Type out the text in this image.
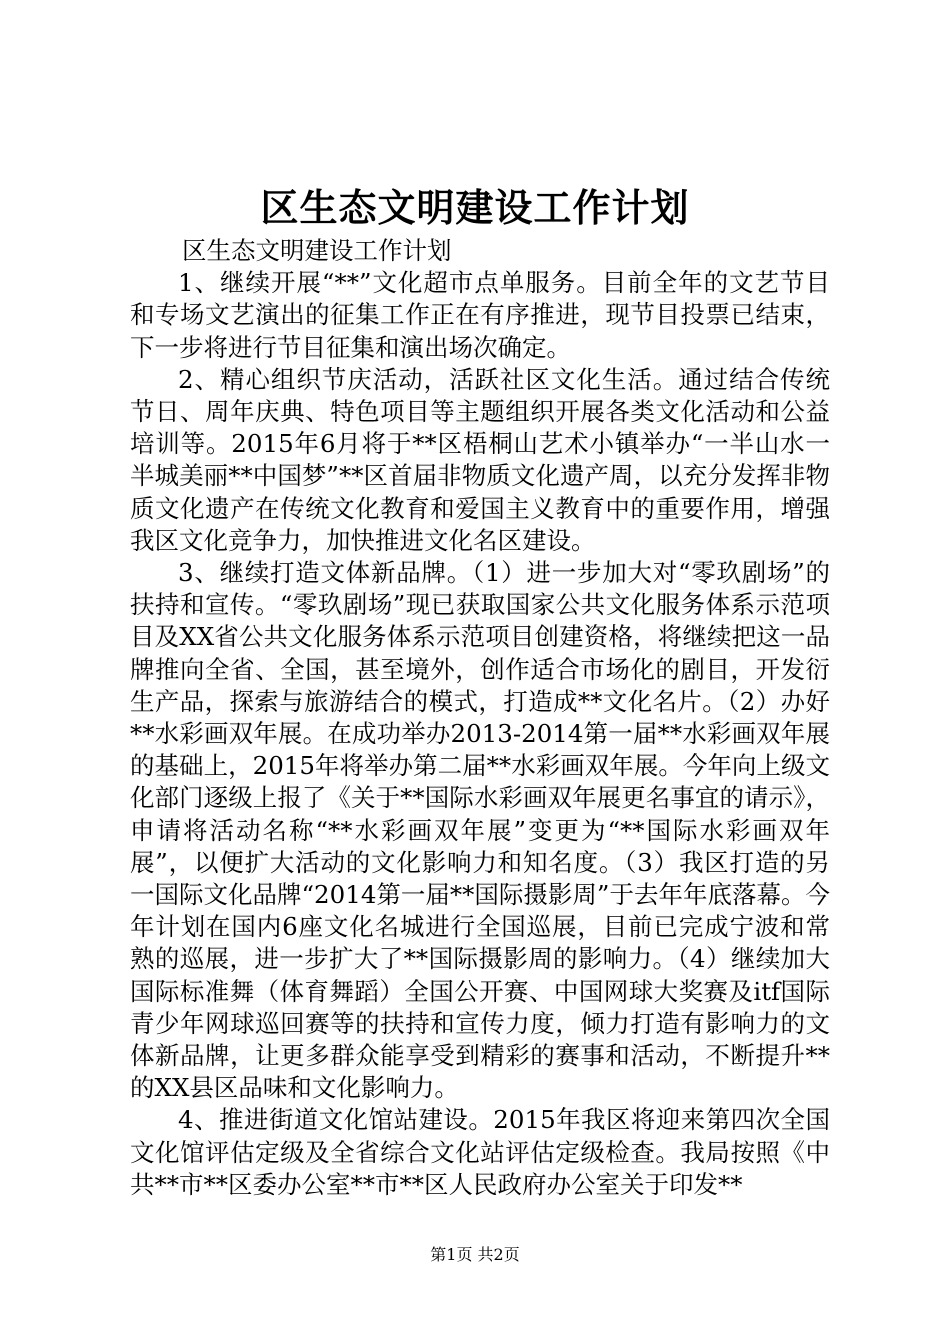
区生态文明建设工作计划

区生态文明建设工作计划

1、继续开展“**”文化超市点单服务。目前全年的文艺节目和专场文艺演出的征集工作正在有序推进，现节目投票已结束，下一步将进行节目征集和演出场次确定。

2、精心组织节庆活动，活跃社区文化生活。通过结合传统节日、周年庆典、特色项目等主题组织开展各类文化活动和公益培训等。2015年6月将于**区梧桐山艺术小镇举办“一半山水一半城美丽**中国梦”**区首届非物质文化遗产周，以充分发挥非物质文化遗产在传统文化教育和爱国主义教育中的重要作用，增强我区文化竞争力，加快推进文化名区建设。

3、继续打造文体新品牌。（1）进一步加大对“零玖剧场”的扶持和宣传。“零玖剧场”现已获取国家公共文化服务体系示范项目及XX省公共文化服务体系示范项目创建资格，将继续把这一品牌推向全省、全国，甚至境外，创作适合市场化的剧目，开发衍生产品，探索与旅游结合的模式，打造成**文化名片。（2）办好**水彩画双年展。在成功举办2013-2014第一届**水彩画双年展的基础上，2015年将举办第二届**水彩画双年展。今年向上级文化部门逐级上报了《关于**国际水彩画双年展更名事宜的请示》，申请将活动名称“**水彩画双年展”变更为“**国际水彩画双年展”，以便扩大活动的文化影响力和知名度。（3）我区打造的另一国际文化品牌“2014第一届**国际摄影周”于去年年底落幕。今年计划在国内6座文化名城进行全国巡展，目前已完成宁波和常熟的巡展，进一步扩大了**国际摄影周的影响力。（4）继续加大国际标准舞（体育舞蹈）全国公开赛、中国网球大奖赛及itf国际青少年网球巡回赛等的扶持和宣传力度，倾力打造有影响力的文体新品牌，让更多群众能享受到精彩的赛事和活动，不断提升**的XX县区品味和文化影响力。

4、推进街道文化馆站建设。2015年我区将迎来第四次全国文化馆评估定级及全省综合文化站评估定级检查。我局按照《中共**市**区委办公室**市**区人民政府办公室关于印发**

第1页 共2页
